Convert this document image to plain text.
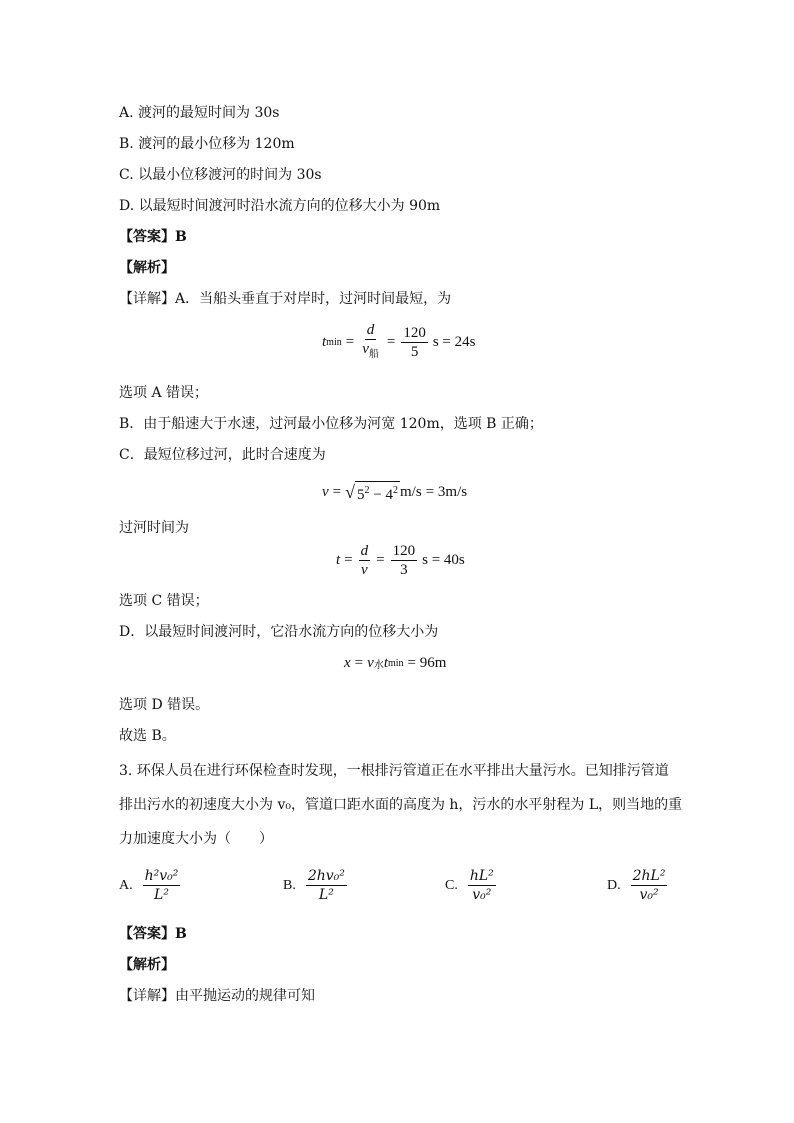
A. 渡河的最短时间为 30s
B. 渡河的最小位移为 120m
C. 以最小位移渡河的时间为 30s
D. 以最短时间渡河时沿水流方向的位移大小为 90m
【答案】B
【解析】
【详解】A．当船头垂直于对岸时，过河时间最短，为
t $\min = \frac{d}{v_船} = \frac{120}{5}$ s = 24s
选项 A 错误；
B．由于船速大于水速，过河最小位移为河宽 120m，选项 B 正确；
C．最短位移过河，此时合速度为
v = √ $5^2 - 4^2$ m/s = 3m/s
过河时间为
$t = \frac{d}{v} = \frac{120}{3}$ s = 40s
选项 C 错误；
D．以最短时间渡河时，它沿水流方向的位移大小为
x = v 水 t min = 96m
选项 D 错误。
故选 B。
3. 环保人员在进行环保检查时发现，一根排污管道正在水平排出大量污水。已知排污管道
排出污水的初速度大小为 v₀，管道口距水面的高度为 h，污水的水平射程为 L，则当地的重
力加速度大小为（　　）
A. $\frac{\text{h²v₀²}}{\text{L²}}$	B. $\frac{\text{2hv₀²}}{\text{L²}}$	C. $\frac{\text{hL²}}{\text{v₀²}}$	D. $\frac{\text{2hL²}}{\text{v₀²}}$
【答案】B
【解析】
【详解】由平抛运动的规律可知
